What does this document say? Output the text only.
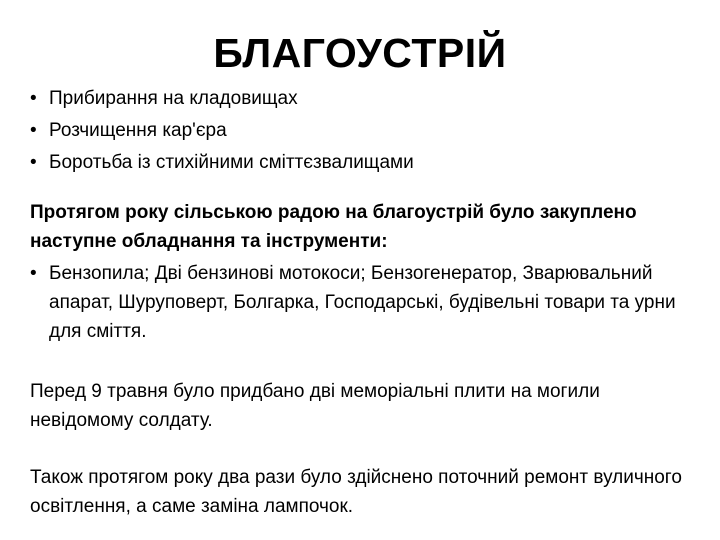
БЛАГОУСТРІЙ
• Прибирання на кладовищах
• Розчищення кар'єра
• Боротьба із стихійними сміттєзвалищами

Протягом року сільською радою на благоустрій було закуплено наступне обладнання та інструменти:

• Бензопила; Дві бензинові мотокоси; Бензогенератор, Зварювальний апарат, Шуруповерт, Болгарка, Господарські, будівельні товари та урни для сміття.

Перед 9 травня було придбано дві меморіальні плити на могили невідомому солдату.

Також протягом року два рази було здійснено поточний ремонт вуличного освітлення, а саме заміна лампочок.
